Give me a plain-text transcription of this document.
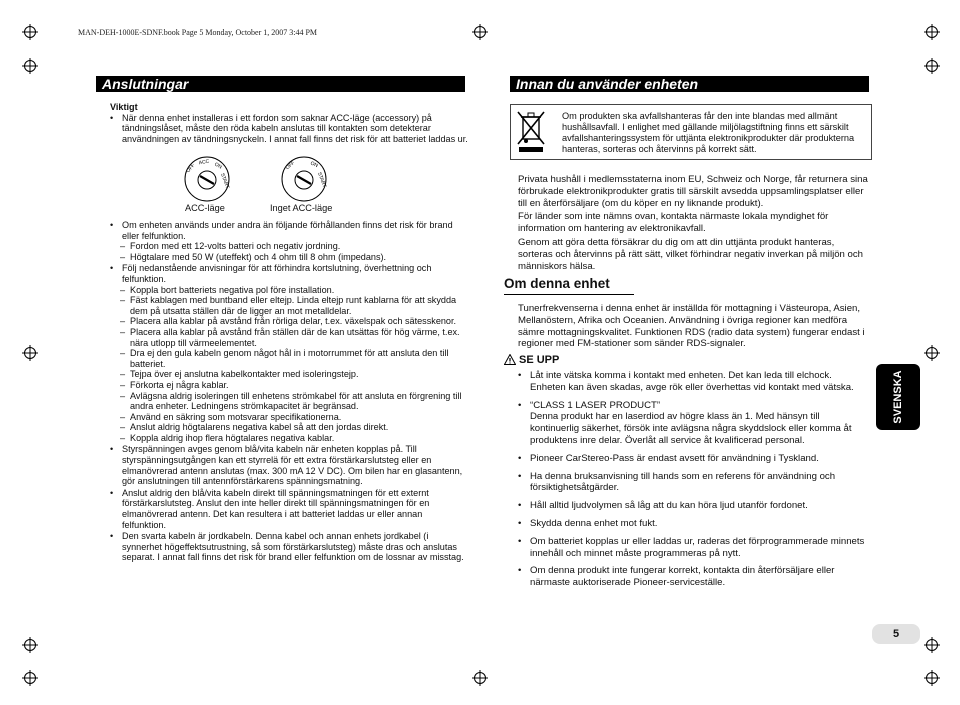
MAN-DEH-1000E-SDNF.book Page 5 Monday, October 1, 2007 3:44 PM
Anslutningar	Innan du använder enheten
Viktigt
• När denna enhet installeras i ett fordon som saknar ACC-läge (accessory) på tändningslåset, måste den röda kabeln anslutas till kontakten som detekterar användningen av tändningsnyckeln. I annat fall finns det risk för att batteriet laddas ur.
OFF
ACC ON
START
OFF	ON
START
ACC-läge	Inget ACC-läge
• Om enheten används under andra än följande förhållanden finns det risk för brand eller felfunktion.
– Fordon med ett 12-volts batteri och negativ jordning.
– Högtalare med 50 W (uteffekt) och 4 ohm till 8 ohm (impedans).
• Följ nedanstående anvisningar för att förhindra kortslutning, överhettning och felfunktion.
– Koppla bort batteriets negativa pol före installation.
– Fäst kablagen med buntband eller eltejp. Linda eltejp runt kablarna för att skydda dem på utsatta ställen där de ligger an mot metalldelar.
– Placera alla kablar på avstånd från rörliga delar, t.ex. växelspak och sätesskenor.
– Placera alla kablar på avstånd från ställen där de kan utsättas för hög värme, t.ex. nära utlopp till värmeelementet.
– Dra ej den gula kabeln genom något hål in i motorrummet för att ansluta den till batteriet.
– Tejpa över ej anslutna kabelkontakter med isoleringstejp.
– Förkorta ej några kablar.
– Avlägsna aldrig isoleringen till enhetens strömkabel för att ansluta en förgrening till andra enheter. Ledningens strömkapacitet är begränsad.
– Använd en säkring som motsvarar specifikationerna.
– Anslut aldrig högtalarens negativa kabel så att den jordas direkt.
– Koppla aldrig ihop flera högtalares negativa kablar.
• Styrspänningen avges genom blå/vita kabeln när enheten kopplas på. Till styrspänningsutgången kan ett styrrelä för ett extra förstärkarslutsteg eller en elmanövrerad antenn anslutas (max. 300 mA 12 V DC). Om bilen har en glasantenn, gör anslutningen till antennförstärkarens spänningsmatning.
• Anslut aldrig den blå/vita kabeln direkt till spänningsmatningen för ett externt förstärkarslutsteg. Anslut den inte heller direkt till spänningsmatningen för en elmanövrerad antenn. Det kan resultera i att batteriet laddas ur eller annan felfunktion.
• Den svarta kabeln är jordkabeln. Denna kabel och annan enhets jordkabel (i synnerhet högeffektsutrustning, så som förstärkarslutsteg) måste dras och anslutas separat. I annat fall finns det risk för brand eller felfunktion om de lossnar av misstag.
Om produkten ska avfallshanteras får den inte blandas med allmänt hushållsavfall. I enlighet med gällande miljölagstiftning finns ett särskilt avfallshanteringssystem för uttjänta elektronikprodukter där produkterna hanteras, sorteras och återvinns på korrekt sätt.
Privata hushåll i medlemsstaterna inom EU, Schweiz och Norge, får returnera sina förbrukade elektronikprodukter gratis till särskilt avsedda uppsamlingsplatser eller till en återförsäljare (om du köper en ny liknande produkt).
För länder som inte nämns ovan, kontakta närmaste lokala myndighet för information om hantering av elektronikavfall.
Genom att göra detta försäkrar du dig om att din uttjänta produkt hanteras, sorteras och återvinns på rätt sätt, vilket förhindrar negativ inverkan på miljön och människors hälsa.
Om denna enhet
Tunerfrekvenserna i denna enhet är inställda för mottagning i Västeuropa, Asien, Mellanöstern, Afrika och Oceanien. Användning i övriga regioner kan medföra sämre mottagningskvalitet. Funktionen RDS (radio data system) fungerar endast i regioner med FM-stationer som sänder RDS-signaler.
SE UPP
• Låt inte vätska komma i kontakt med enheten. Det kan leda till elchock. Enheten kan även skadas, avge rök eller överhettas vid kontakt med vätska.
• “CLASS 1 LASER PRODUCT”
Denna produkt har en laserdiod av högre klass än 1. Med hänsyn till kontinuerlig säkerhet, försök inte avlägsna några skyddslock eller komma åt produktens inre delar. Överlåt all service åt kvalificerad personal.
• Pioneer CarStereo-Pass är endast avsett för användning i Tyskland.
• Ha denna bruksanvisning till hands som en referens för användning och försiktighetsåtgärder.
• Håll alltid ljudvolymen så låg att du kan höra ljud utanför fordonet.
• Skydda denna enhet mot fukt.
• Om batteriet kopplas ur eller laddas ur, raderas det förprogrammerade minnets innehåll och minnet måste programmeras på nytt.
• Om denna produkt inte fungerar korrekt, kontakta din återförsäljare eller närmaste auktoriserade Pioneer-serviceställe.
SVENSKA
5
